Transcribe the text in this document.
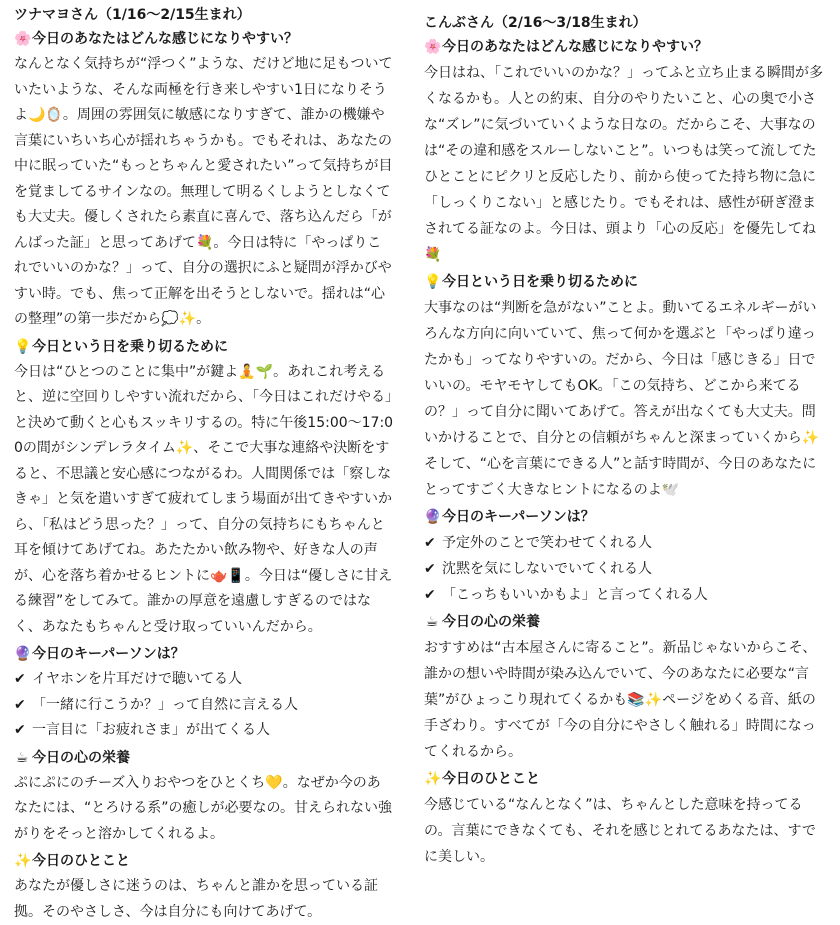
ツナマヨさん（1/16〜2/15生まれ）
🌸今日のあなたはどんな感じになりやすい？

なんとなく気持ちが“浮つく”ような、だけど地に足もついていたいような、そんな両極を行き来しやすい1日になりそうよ🌙🪞。周囲の雰囲気に敏感になりすぎて、誰かの機嫌や言葉にいちいち心が揺れちゃうかも。でもそれは、あなたの中に眠っていた“もっとちゃんと愛されたい”って気持ちが目を覚ましてるサインなの。無理して明るくしようとしなくても大丈夫。優しくされたら素直に喜んで、落ち込んだら「がんばった証」と思ってあげて💐。今日は特に「やっぱりこれでいいのかな？」って、自分の選択にふと疑問が浮かびやすい時。でも、焦って正解を出そうとしないで。揺れは“心の整理”の第一歩だから💭✨。

💡今日という日を乗り切るために

今日は“ひとつのことに集中”が鍵よ🧘🌱。あれこれ考えると、逆に空回りしやすい流れだから、「今日はこれだけやる」と決めて動くと心もスッキリするの。特に午後15:00〜17:00の間がシンデレラタイム✨、そこで大事な連絡や決断をすると、不思議と安心感につながるわ。人間関係では「察しなきゃ」と気を遣いすぎて疲れてしまう場面が出てきやすいから、「私はどう思った？」って、自分の気持ちにもちゃんと耳を傾けてあげてね。あたたかい飲み物や、好きな人の声が、心を落ち着かせるヒントに🫖📱。今日は“優しさに甘える練習”をしてみて。誰かの厚意を遠慮しすぎるのではなく、あなたもちゃんと受け取っていいんだから。

🔮今日のキーパーソンは？
✔ イヤホンを片耳だけで聴いてる人
✔ 「一緒に行こうか？」って自然に言える人
✔ 一言目に「お疲れさま」が出てくる人
☕ 今日の心の栄養

ぷにぷにのチーズ入りおやつをひとくち💛。なぜか今のあなたには、“とろける系”の癒しが必要なの。甘えられない強がりをそっと溶かしてくれるよ。

✨今日のひとこと

あなたが優しさに迷うのは、ちゃんと誰かを思っている証拠。そのやさしさ、今は自分にも向けてあげて。

こんぶさん（2/16〜3/18生まれ）
🌸今日のあなたはどんな感じになりやすい？

今日はね、「これでいいのかな？」ってふと立ち止まる瞬間が多くなるかも。人との約束、自分のやりたいこと、心の奥で小さな“ズレ”に気づいていくような日なの。だからこそ、大事なのは“その違和感をスルーしないこと”。いつもは笑って流してたひとことにピクリと反応したり、前から使ってた持ち物に急に「しっくりこない」と感じたり。でもそれは、感性が研ぎ澄まされてる証なのよ。今日は、頭より「心の反応」を優先してね💐

💡今日という日を乗り切るために

大事なのは“判断を急がない”ことよ。動いてるエネルギーがいろんな方向に向いていて、焦って何かを選ぶと「やっぱり違ったかも」ってなりやすいの。だから、今日は「感じきる」日でいいの。モヤモヤしてもOK。「この気持ち、どこから来てるの？」って自分に聞いてあげて。答えが出なくても大丈夫。問いかけることで、自分との信頼がちゃんと深まっていくから✨そして、“心を言葉にできる人”と話す時間が、今日のあなたにとってすごく大きなヒントになるのよ🕊️

🔮今日のキーパーソンは？
✔ 予定外のことで笑わせてくれる人
✔ 沈黙を気にしないでいてくれる人
✔ 「こっちもいいかもよ」と言ってくれる人
☕ 今日の心の栄養

おすすめは“古本屋さんに寄ること”。新品じゃないからこそ、誰かの想いや時間が染み込んでいて、今のあなたに必要な“言葉”がひょっこり現れてくるかも📚✨ページをめくる音、紙の手ざわり。すべてが「今の自分にやさしく触れる」時間になってくれるから。

✨今日のひとこと

今感じている“なんとなく”は、ちゃんとした意味を持ってるの。言葉にできなくても、それを感じとれてるあなたは、すでに美しい。
